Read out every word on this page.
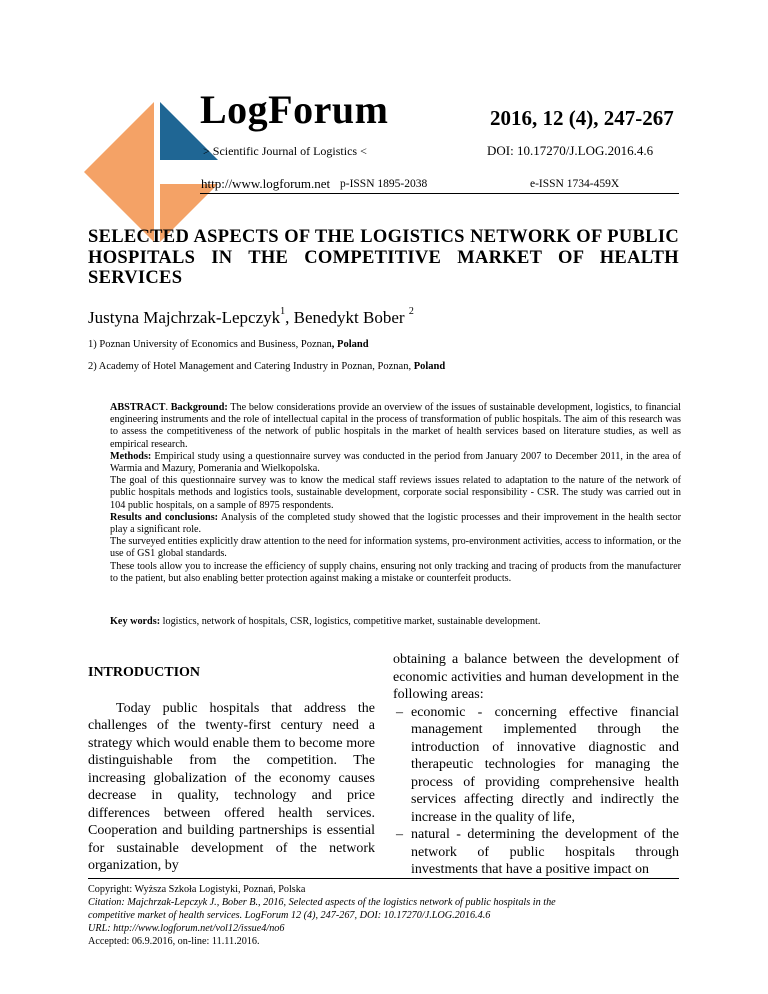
LogForum	2016, 12 (4), 247-267
> Scientific Journal of Logistics <	DOI: 10.17270/J.LOG.2016.4.6
http://www.logforum.net p-ISSN 1895-2038	e-ISSN 1734-459X
SELECTED ASPECTS OF THE LOGISTICS NETWORK OF PUBLIC HOSPITALS IN THE COMPETITIVE MARKET OF HEALTH SERVICES
Justyna Majchrzak-Lepczyk$^1$, Benedykt Bober $^2$
1) Poznan University of Economics and Business, Poznan, Poland
2) Academy of Hotel Management and Catering Industry in Poznan, Poznan, Poland

ABSTRACT. Background: The below considerations provide an overview of the issues of sustainable development, logistics, to financial engineering instruments and the role of intellectual capital in the process of transformation of public hospitals. The aim of this research was to assess the competitiveness of the network of public hospitals in the market of health services based on literature studies, as well as empirical research.

Methods: Empirical study using a questionnaire survey was conducted in the period from January 2007 to December 2011, in the area of Warmia and Mazury, Pomerania and Wielkopolska.

The goal of this questionnaire survey was to know the medical staff reviews issues related to adaptation to the nature of the network of public hospitals methods and logistics tools, sustainable development, corporate social responsibility - CSR. The study was carried out in 104 public hospitals, on a sample of 8975 respondents.

Results and conclusions: Analysis of the completed study showed that the logistic processes and their improvement in the health sector play a significant role.

The surveyed entities explicitly draw attention to the need for information systems, pro-environment activities, access to information, or the use of GS1 global standards.

These tools allow you to increase the efficiency of supply chains, ensuring not only tracking and tracing of products from the manufacturer to the patient, but also enabling better protection against making a mistake or counterfeit products.

Key words: logistics, network of hospitals, CSR, logistics, competitive market, sustainable development.
INTRODUCTION

Today public hospitals that address the challenges of the twenty-first century need a strategy which would enable them to become more distinguishable from the competition. The increasing globalization of the economy causes decrease in quality, technology and price differences between offered health services. Cooperation and building partnerships is essential for sustainable development of the network organization, by

obtaining a balance between the development of economic activities and human development in the following areas:

– economic - concerning effective financial management implemented through the introduction of innovative diagnostic and therapeutic technologies for managing the process of providing comprehensive health services affecting directly and indirectly the increase in the quality of life,
– natural - determining the development of the network of public hospitals through investments that have a positive impact on
Copyright: Wyższa Szkoła Logistyki, Poznań, Polska
Citation: Majchrzak-Lepczyk J., Bober B., 2016, Selected aspects of the logistics network of public hospitals in the
competitive market of health services. LogForum 12 (4), 247-267, DOI: 10.17270/J.LOG.2016.4.6
URL: http://www.logforum.net/vol12/issue4/no6
Accepted: 06.9.2016, on-line: 11.11.2016.
